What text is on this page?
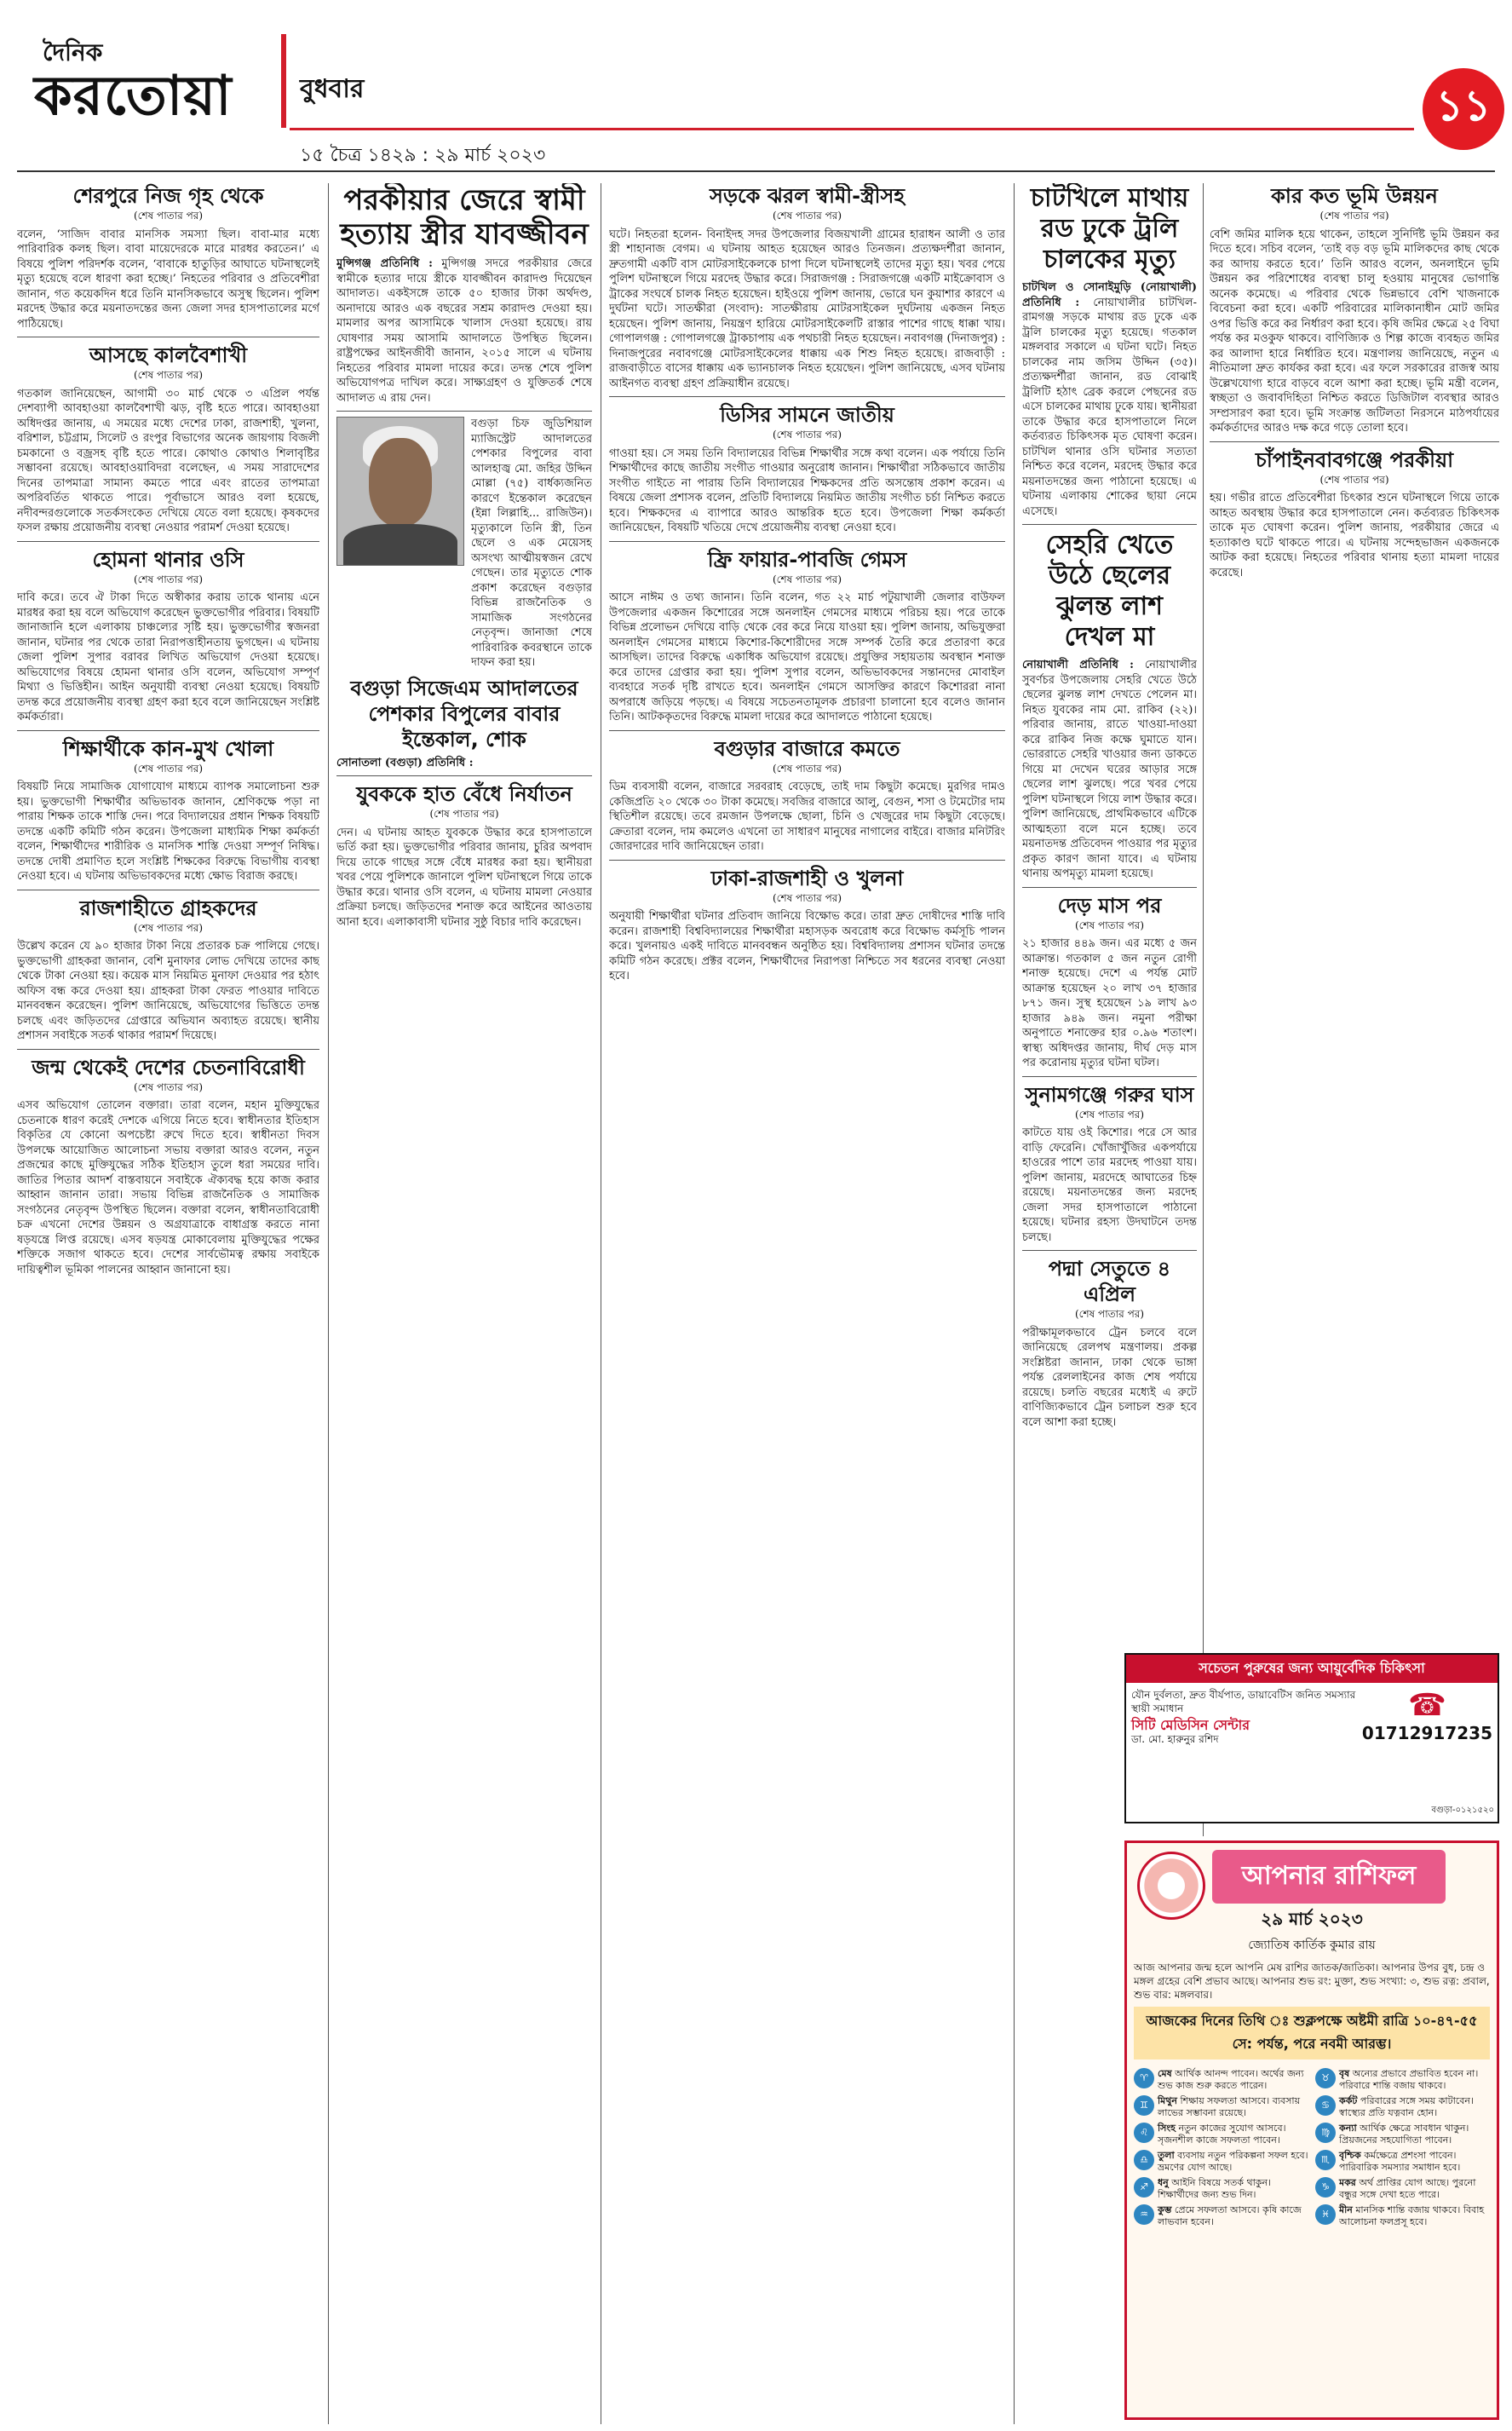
দৈনিক
করতোয়া	বুধবার
১৫ চৈত্র ১৪২৯ : ২৯ মার্চ ২০২৩
১১
শেরপুরে নিজ গৃহ থেকে
(শেষ পাতার পর)

বলেন, ‘সাজিদ বাবার মানসিক সমস্যা ছিল। বাবা-মার মধ্যে পারিবারিক কলহ ছিল। বাবা মায়েদেরকে মারে মারধর করতেন।’ এ বিষয়ে পুলিশ পরিদর্শক বলেন, ‘বাবাকে হাতুড়ির আঘাতে ঘটনাস্থলেই মৃত্যু হয়েছে বলে ধারণা করা হচ্ছে।’ নিহতের পরিবার ও প্রতিবেশীরা জানান, গত কয়েকদিন ধরে তিনি মানসিকভাবে অসুস্থ ছিলেন। পুলিশ মরদেহ উদ্ধার করে ময়নাতদন্তের জন্য জেলা সদর হাসপাতালের মর্গে পাঠিয়েছে।

আসছে কালবৈশাখী
(শেষ পাতার পর)

গতকাল জানিয়েছেন, আগামী ৩০ মার্চ থেকে ৩ এপ্রিল পর্যন্ত দেশব্যাপী আবহাওয়া কালবৈশাখী ঝড়, বৃষ্টি হতে পারে। আবহাওয়া অধিদপ্তর জানায়, এ সময়ের মধ্যে দেশের ঢাকা, রাজশাহী, খুলনা, বরিশাল, চট্টগ্রাম, সিলেট ও রংপুর বিভাগের অনেক জায়গায় বিজলী চমকানো ও বজ্রসহ বৃষ্টি হতে পারে। কোথাও কোথাও শিলাবৃষ্টির সম্ভাবনা রয়েছে। আবহাওয়াবিদরা বলেছেন, এ সময় সারাদেশের দিনের তাপমাত্রা সামান্য কমতে পারে এবং রাতের তাপমাত্রা অপরিবর্তিত থাকতে পারে। পূর্বাভাসে আরও বলা হয়েছে, নদীবন্দরগুলোকে সতর্কসংকেত দেখিয়ে যেতে বলা হয়েছে। কৃষকদের ফসল রক্ষায় প্রয়োজনীয় ব্যবস্থা নেওয়ার পরামর্শ দেওয়া হয়েছে।

হোমনা থানার ওসি
(শেষ পাতার পর)

দাবি করে। তবে ঐ টাকা দিতে অস্বীকার করায় তাকে থানায় এনে মারধর করা হয় বলে অভিযোগ করেছেন ভুক্তভোগীর পরিবার। বিষয়টি জানাজানি হলে এলাকায় চাঞ্চল্যের সৃষ্টি হয়। ভুক্তভোগীর স্বজনরা জানান, ঘটনার পর থেকে তারা নিরাপত্তাহীনতায় ভুগছেন। এ ঘটনায় জেলা পুলিশ সুপার বরাবর লিখিত অভিযোগ দেওয়া হয়েছে। অভিযোগের বিষয়ে হোমনা থানার ওসি বলেন, অভিযোগ সম্পূর্ণ মিথ্যা ও ভিত্তিহীন। আইন অনুযায়ী ব্যবস্থা নেওয়া হয়েছে। বিষয়টি তদন্ত করে প্রয়োজনীয় ব্যবস্থা গ্রহণ করা হবে বলে জানিয়েছেন সংশ্লিষ্ট কর্মকর্তারা।

শিক্ষার্থীকে কান-মুখ খোলা
(শেষ পাতার পর)

বিষয়টি নিয়ে সামাজিক যোগাযোগ মাধ্যমে ব্যাপক সমালোচনা শুরু হয়। ভুক্তভোগী শিক্ষার্থীর অভিভাবক জানান, শ্রেণিকক্ষে পড়া না পারায় শিক্ষক তাকে শাস্তি দেন। পরে বিদ্যালয়ের প্রধান শিক্ষক বিষয়টি তদন্তে একটি কমিটি গঠন করেন। উপজেলা মাধ্যমিক শিক্ষা কর্মকর্তা বলেন, শিক্ষার্থীদের শারীরিক ও মানসিক শাস্তি দেওয়া সম্পূর্ণ নিষিদ্ধ। তদন্তে দোষী প্রমাণিত হলে সংশ্লিষ্ট শিক্ষকের বিরুদ্ধে বিভাগীয় ব্যবস্থা নেওয়া হবে। এ ঘটনায় অভিভাবকদের মধ্যে ক্ষোভ বিরাজ করছে।

রাজশাহীতে গ্রাহকদের
(শেষ পাতার পর)

উল্লেখ করেন যে ৯০ হাজার টাকা নিয়ে প্রতারক চক্র পালিয়ে গেছে। ভুক্তভোগী গ্রাহকরা জানান, বেশি মুনাফার লোভ দেখিয়ে তাদের কাছ থেকে টাকা নেওয়া হয়। কয়েক মাস নিয়মিত মুনাফা দেওয়ার পর হঠাৎ অফিস বন্ধ করে দেওয়া হয়। গ্রাহকরা টাকা ফেরত পাওয়ার দাবিতে মানববন্ধন করেছেন। পুলিশ জানিয়েছে, অভিযোগের ভিত্তিতে তদন্ত চলছে এবং জড়িতদের গ্রেপ্তারে অভিযান অব্যাহত রয়েছে। স্থানীয় প্রশাসন সবাইকে সতর্ক থাকার পরামর্শ দিয়েছে।

জন্ম থেকেই দেশের চেতনাবিরোধী
(শেষ পাতার পর)

এসব অভিযোগ তোলেন বক্তারা। তারা বলেন, মহান মুক্তিযুদ্ধের চেতনাকে ধারণ করেই দেশকে এগিয়ে নিতে হবে। স্বাধীনতার ইতিহাস বিকৃতির যে কোনো অপচেষ্টা রুখে দিতে হবে। স্বাধীনতা দিবস উপলক্ষে আয়োজিত আলোচনা সভায় বক্তারা আরও বলেন, নতুন প্রজন্মের কাছে মুক্তিযুদ্ধের সঠিক ইতিহাস তুলে ধরা সময়ের দাবি। জাতির পিতার আদর্শ বাস্তবায়নে সবাইকে ঐক্যবদ্ধ হয়ে কাজ করার আহ্বান জানান তারা। সভায় বিভিন্ন রাজনৈতিক ও সামাজিক সংগঠনের নেতৃবৃন্দ উপস্থিত ছিলেন। বক্তারা বলেন, স্বাধীনতাবিরোধী চক্র এখনো দেশের উন্নয়ন ও অগ্রযাত্রাকে বাধাগ্রস্ত করতে নানা ষড়যন্ত্রে লিপ্ত রয়েছে। এসব ষড়যন্ত্র মোকাবেলায় মুক্তিযুদ্ধের পক্ষের শক্তিকে সজাগ থাকতে হবে। দেশের সার্বভৌমত্ব রক্ষায় সবাইকে দায়িত্বশীল ভূমিকা পালনের আহ্বান জানানো হয়।

পরকীয়ার জেরে স্বামী হত্যায় স্ত্রীর যাবজ্জীবন

মুন্সিগঞ্জ প্রতিনিধি : মুন্সিগঞ্জ সদরে পরকীয়ার জেরে স্বামীকে হত্যার দায়ে স্ত্রীকে যাবজ্জীবন কারাদণ্ড দিয়েছেন আদালত। একইসঙ্গে তাকে ৫০ হাজার টাকা অর্থদণ্ড, অনাদায়ে আরও এক বছরের সশ্রম কারাদণ্ড দেওয়া হয়। মামলার অপর আসামিকে খালাস দেওয়া হয়েছে। রায় ঘোষণার সময় আসামি আদালতে উপস্থিত ছিলেন। রাষ্ট্রপক্ষের আইনজীবী জানান, ২০১৫ সালে এ ঘটনায় নিহতের পরিবার মামলা দায়ের করে। তদন্ত শেষে পুলিশ অভিযোগপত্র দাখিল করে। সাক্ষ্যগ্রহণ ও যুক্তিতর্ক শেষে আদালত এ রায় দেন।

বগুড়া চিফ জুডিশিয়াল ম্যাজিস্ট্রেট আদালতের পেশকার বিপুলের বাবা আলহাজ্ব মো. জহির উদ্দিন মোল্লা (৭৫) বার্ধক্যজনিত কারণে ইন্তেকাল করেছেন (ইন্না লিল্লাহি... রাজিউন)। মৃত্যুকালে তিনি স্ত্রী, তিন ছেলে ও এক মেয়েসহ অসংখ্য আত্মীয়স্বজন রেখে গেছেন। তার মৃত্যুতে শোক প্রকাশ করেছেন বগুড়ার বিভিন্ন রাজনৈতিক ও সামাজিক সংগঠনের নেতৃবৃন্দ। জানাজা শেষে পারিবারিক কবরস্থানে তাকে দাফন করা হয়।
বগুড়া সিজেএম আদালতের পেশকার বিপুলের বাবার ইন্তেকাল, শোক

সোনাতলা (বগুড়া) প্রতিনিধি :

যুবককে হাত বেঁধে নির্যাতন
(শেষ পাতার পর)

দেন। এ ঘটনায় আহত যুবককে উদ্ধার করে হাসপাতালে ভর্তি করা হয়। ভুক্তভোগীর পরিবার জানায়, চুরির অপবাদ দিয়ে তাকে গাছের সঙ্গে বেঁধে মারধর করা হয়। স্থানীয়রা খবর পেয়ে পুলিশকে জানালে পুলিশ ঘটনাস্থলে গিয়ে তাকে উদ্ধার করে। থানার ওসি বলেন, এ ঘটনায় মামলা নেওয়ার প্রক্রিয়া চলছে। জড়িতদের শনাক্ত করে আইনের আওতায় আনা হবে। এলাকাবাসী ঘটনার সুষ্ঠু বিচার দাবি করেছেন।

সড়কে ঝরল স্বামী-স্ত্রীসহ
(শেষ পাতার পর)

ঘটে। নিহতরা হলেন- বিনাইদহ সদর উপজেলার বিজয়খালী গ্রামের হারাধন আলী ও তার স্ত্রী শাহানাজ বেগম। এ ঘটনায় আহত হয়েছেন আরও তিনজন। প্রত্যক্ষদর্শীরা জানান, দ্রুতগামী একটি বাস মোটরসাইকেলকে চাপা দিলে ঘটনাস্থলেই তাদের মৃত্যু হয়। খবর পেয়ে পুলিশ ঘটনাস্থলে গিয়ে মরদেহ উদ্ধার করে। সিরাজগঞ্জ : সিরাজগঞ্জে একটি মাইক্রোবাস ও ট্রাকের সংঘর্ষে চালক নিহত হয়েছেন। হাইওয়ে পুলিশ জানায়, ভোরে ঘন কুয়াশার কারণে এ দুর্ঘটনা ঘটে। সাতক্ষীরা (সংবাদ): সাতক্ষীরায় মোটরসাইকেল দুর্ঘটনায় একজন নিহত হয়েছেন। পুলিশ জানায়, নিয়ন্ত্রণ হারিয়ে মোটরসাইকেলটি রাস্তার পাশের গাছে ধাক্কা খায়। গোপালগঞ্জ : গোপালগঞ্জে ট্রাকচাপায় এক পথচারী নিহত হয়েছেন। নবাবগঞ্জ (দিনাজপুর) : দিনাজপুরের নবাবগঞ্জে মোটরসাইকেলের ধাক্কায় এক শিশু নিহত হয়েছে। রাজবাড়ী : রাজবাড়ীতে বাসের ধাক্কায় এক ভ্যানচালক নিহত হয়েছেন। পুলিশ জানিয়েছে, এসব ঘটনায় আইনগত ব্যবস্থা গ্রহণ প্রক্রিয়াধীন রয়েছে।

ডিসির সামনে জাতীয়
(শেষ পাতার পর)

গাওয়া হয়। সে সময় তিনি বিদ্যালয়ের বিভিন্ন শিক্ষার্থীর সঙ্গে কথা বলেন। এক পর্যায়ে তিনি শিক্ষার্থীদের কাছে জাতীয় সংগীত গাওয়ার অনুরোধ জানান। শিক্ষার্থীরা সঠিকভাবে জাতীয় সংগীত গাইতে না পারায় তিনি বিদ্যালয়ের শিক্ষকদের প্রতি অসন্তোষ প্রকাশ করেন। এ বিষয়ে জেলা প্রশাসক বলেন, প্রতিটি বিদ্যালয়ে নিয়মিত জাতীয় সংগীত চর্চা নিশ্চিত করতে হবে। শিক্ষকদের এ ব্যাপারে আরও আন্তরিক হতে হবে। উপজেলা শিক্ষা কর্মকর্তা জানিয়েছেন, বিষয়টি খতিয়ে দেখে প্রয়োজনীয় ব্যবস্থা নেওয়া হবে।

ফ্রি ফায়ার-পাবজি গেমস
(শেষ পাতার পর)

আসে নাঈম ও তথ্য জানান। তিনি বলেন, গত ২২ মার্চ পটুয়াখালী জেলার বাউফল উপজেলার একজন কিশোরের সঙ্গে অনলাইন গেমসের মাধ্যমে পরিচয় হয়। পরে তাকে বিভিন্ন প্রলোভন দেখিয়ে বাড়ি থেকে বের করে নিয়ে যাওয়া হয়। পুলিশ জানায়, অভিযুক্তরা অনলাইন গেমসের মাধ্যমে কিশোর-কিশোরীদের সঙ্গে সম্পর্ক তৈরি করে প্রতারণা করে আসছিল। তাদের বিরুদ্ধে একাধিক অভিযোগ রয়েছে। প্রযুক্তির সহায়তায় অবস্থান শনাক্ত করে তাদের গ্রেপ্তার করা হয়। পুলিশ সুপার বলেন, অভিভাবকদের সন্তানদের মোবাইল ব্যবহারে সতর্ক দৃষ্টি রাখতে হবে। অনলাইন গেমসে আসক্তির কারণে কিশোররা নানা অপরাধে জড়িয়ে পড়ছে। এ বিষয়ে সচেতনতামূলক প্রচারণা চালানো হবে বলেও জানান তিনি। আটককৃতদের বিরুদ্ধে মামলা দায়ের করে আদালতে পাঠানো হয়েছে।

বগুড়ার বাজারে কমতে
(শেষ পাতার পর)

ডিম ব্যবসায়ী বলেন, বাজারে সরবরাহ বেড়েছে, তাই দাম কিছুটা কমেছে। মুরগির দামও কেজিপ্রতি ২০ থেকে ৩০ টাকা কমেছে। সবজির বাজারে আলু, বেগুন, শসা ও টমেটোর দাম স্থিতিশীল রয়েছে। তবে রমজান উপলক্ষে ছোলা, চিনি ও খেজুরের দাম কিছুটা বেড়েছে। ক্রেতারা বলেন, দাম কমলেও এখনো তা সাধারণ মানুষের নাগালের বাইরে। বাজার মনিটরিং জোরদারের দাবি জানিয়েছেন তারা।

ঢাকা-রাজশাহী ও খুলনা
(শেষ পাতার পর)

অনুযায়ী শিক্ষার্থীরা ঘটনার প্রতিবাদ জানিয়ে বিক্ষোভ করে। তারা দ্রুত দোষীদের শাস্তি দাবি করেন। রাজশাহী বিশ্ববিদ্যালয়ের শিক্ষার্থীরা মহাসড়ক অবরোধ করে বিক্ষোভ কর্মসূচি পালন করে। খুলনায়ও একই দাবিতে মানববন্ধন অনুষ্ঠিত হয়। বিশ্ববিদ্যালয় প্রশাসন ঘটনার তদন্তে কমিটি গঠন করেছে। প্রক্টর বলেন, শিক্ষার্থীদের নিরাপত্তা নিশ্চিতে সব ধরনের ব্যবস্থা নেওয়া হবে।

চাটখিলে মাথায় রড ঢুকে ট্রলি চালকের মৃত্যু

চাটখিল ও সোনাইমুড়ি (নোয়াখালী) প্রতিনিধি : নোয়াখালীর চাটখিল-রামগঞ্জ সড়কে মাথায় রড ঢুকে এক ট্রলি চালকের মৃত্যু হয়েছে। গতকাল মঙ্গলবার সকালে এ ঘটনা ঘটে। নিহত চালকের নাম জসিম উদ্দিন (৩৫)। প্রত্যক্ষদর্শীরা জানান, রড বোঝাই ট্রলিটি হঠাৎ ব্রেক করলে পেছনের রড এসে চালকের মাথায় ঢুকে যায়। স্থানীয়রা তাকে উদ্ধার করে হাসপাতালে নিলে কর্তব্যরত চিকিৎসক মৃত ঘোষণা করেন। চাটখিল থানার ওসি ঘটনার সত্যতা নিশ্চিত করে বলেন, মরদেহ উদ্ধার করে ময়নাতদন্তের জন্য পাঠানো হয়েছে। এ ঘটনায় এলাকায় শোকের ছায়া নেমে এসেছে।

সেহরি খেতে উঠে ছেলের ঝুলন্ত লাশ দেখল মা

নোয়াখালী প্রতিনিধি : নোয়াখালীর সুবর্ণচর উপজেলায় সেহরি খেতে উঠে ছেলের ঝুলন্ত লাশ দেখতে পেলেন মা। নিহত যুবকের নাম মো. রাকিব (২২)। পরিবার জানায়, রাতে খাওয়া-দাওয়া করে রাকিব নিজ কক্ষে ঘুমাতে যান। ভোররাতে সেহরি খাওয়ার জন্য ডাকতে গিয়ে মা দেখেন ঘরের আড়ার সঙ্গে ছেলের লাশ ঝুলছে। পরে খবর পেয়ে পুলিশ ঘটনাস্থলে গিয়ে লাশ উদ্ধার করে। পুলিশ জানিয়েছে, প্রাথমিকভাবে এটিকে আত্মহত্যা বলে মনে হচ্ছে। তবে ময়নাতদন্ত প্রতিবেদন পাওয়ার পর মৃত্যুর প্রকৃত কারণ জানা যাবে। এ ঘটনায় থানায় অপমৃত্যু মামলা হয়েছে।

দেড় মাস পর
(শেষ পাতার পর)

২১ হাজার ৪৪৯ জন। এর মধ্যে ৫ জন আক্রান্ত। গতকাল ৫ জন নতুন রোগী শনাক্ত হয়েছে। দেশে এ পর্যন্ত মোট আক্রান্ত হয়েছেন ২০ লাখ ৩৭ হাজার ৮৭১ জন। সুস্থ হয়েছেন ১৯ লাখ ৯৩ হাজার ৯৪৯ জন। নমুনা পরীক্ষা অনুপাতে শনাক্তের হার ০.৯৬ শতাংশ। স্বাস্থ্য অধিদপ্তর জানায়, দীর্ঘ দেড় মাস পর করোনায় মৃত্যুর ঘটনা ঘটল।

সুনামগঞ্জে গরুর ঘাস
(শেষ পাতার পর)

কাটতে যায় ওই কিশোর। পরে সে আর বাড়ি ফেরেনি। খোঁজাখুঁজির একপর্যায়ে হাওরের পাশে তার মরদেহ পাওয়া যায়। পুলিশ জানায়, মরদেহে আঘাতের চিহ্ন রয়েছে। ময়নাতদন্তের জন্য মরদেহ জেলা সদর হাসপাতালে পাঠানো হয়েছে। ঘটনার রহস্য উদঘাটনে তদন্ত চলছে।

পদ্মা সেতুতে ৪ এপ্রিল
(শেষ পাতার পর)

পরীক্ষামূলকভাবে ট্রেন চলবে বলে জানিয়েছে রেলপথ মন্ত্রণালয়। প্রকল্প সংশ্লিষ্টরা জানান, ঢাকা থেকে ভাঙ্গা পর্যন্ত রেললাইনের কাজ শেষ পর্যায়ে রয়েছে। চলতি বছরের মধ্যেই এ রুটে বাণিজ্যিকভাবে ট্রেন চলাচল শুরু হবে বলে আশা করা হচ্ছে।

কার কত ভূমি উন্নয়ন
(শেষ পাতার পর)

বেশি জমির মালিক হয়ে থাকেন, তাহলে সুনির্দিষ্ট ভূমি উন্নয়ন কর দিতে হবে। সচিব বলেন, ‘তাই বড় বড় ভূমি মালিকদের কাছ থেকে কর আদায় করতে হবে।’ তিনি আরও বলেন, অনলাইনে ভূমি উন্নয়ন কর পরিশোধের ব্যবস্থা চালু হওয়ায় মানুষের ভোগান্তি অনেক কমেছে। এ পরিবার থেকে ভিন্নভাবে বেশি খাজনাকে বিবেচনা করা হবে। একটি পরিবারের মালিকানাধীন মোট জমির ওপর ভিত্তি করে কর নির্ধারণ করা হবে। কৃষি জমির ক্ষেত্রে ২৫ বিঘা পর্যন্ত কর মওকুফ থাকবে। বাণিজ্যিক ও শিল্প কাজে ব্যবহৃত জমির কর আলাদা হারে নির্ধারিত হবে। মন্ত্রণালয় জানিয়েছে, নতুন এ নীতিমালা দ্রুত কার্যকর করা হবে। এর ফলে সরকারের রাজস্ব আয় উল্লেখযোগ্য হারে বাড়বে বলে আশা করা হচ্ছে। ভূমি মন্ত্রী বলেন, স্বচ্ছতা ও জবাবদিহিতা নিশ্চিত করতে ডিজিটাল ব্যবস্থার আরও সম্প্রসারণ করা হবে। ভূমি সংক্রান্ত জটিলতা নিরসনে মাঠপর্যায়ের কর্মকর্তাদের আরও দক্ষ করে গড়ে তোলা হবে।

চাঁপাইনবাবগঞ্জে পরকীয়া
(শেষ পাতার পর)

হয়। গভীর রাতে প্রতিবেশীরা চিৎকার শুনে ঘটনাস্থলে গিয়ে তাকে আহত অবস্থায় উদ্ধার করে হাসপাতালে নেন। কর্তব্যরত চিকিৎসক তাকে মৃত ঘোষণা করেন। পুলিশ জানায়, পরকীয়ার জেরে এ হত্যাকাণ্ড ঘটে থাকতে পারে। এ ঘটনায় সন্দেহভাজন একজনকে আটক করা হয়েছে। নিহতের পরিবার থানায় হত্যা মামলা দায়ের করেছে।

সচেতন পুরুষের জন্য আয়ুর্বেদিক চিকিৎসা
যৌন দুর্বলতা, দ্রুত বীর্যপাত, ডায়াবেটিস জনিত সমস্যার স্থায়ী সমাধান
সিটি মেডিসিন সেন্টার
ডা. মো. হারুনুর রশিদ
☎
01712917235
বগুড়া-০১২১৫২০
আপনার রাশিফল
২৯ মার্চ ২০২৩
জ্যোতিষ কার্তিক কুমার রায়
আজ আপনার জন্ম হলে আপনি মেষ রাশির জাতক/জাতিকা। আপনার উপর বুধ, চন্দ্র ও মঙ্গল গ্রহের বেশি প্রভাব আছে। আপনার শুভ রং: মুক্তা, শুভ সংখ্যা: ৩, শুভ রত্ন: প্রবাল, শুভ বার: মঙ্গলবার।
আজকের দিনের তিথি ঃ শুক্লপক্ষে অষ্টমী রাত্রি ১০-৪৭-৫৫ সে: পর্যন্ত, পরে নবমী আরম্ভ।
♈	মেষ আর্থিক আনন্দ পাবেন। অর্থের জন্য শুভ কাজ শুরু করতে পারেন।
♉	বৃষ অন্যের প্রভাবে প্রভাবিত হবেন না। পরিবারে শান্তি বজায় থাকবে।
♊	মিথুন শিক্ষায় সফলতা আসবে। ব্যবসায় লাভের সম্ভাবনা রয়েছে।
♋	কর্কট পরিবারের সঙ্গে সময় কাটাবেন। স্বাস্থ্যের প্রতি যত্নবান হোন।
♌	সিংহ নতুন কাজের সুযোগ আসবে। সৃজনশীল কাজে সফলতা পাবেন।
♍	কন্যা আর্থিক ক্ষেত্রে সাবধান থাকুন। প্রিয়জনের সহযোগিতা পাবেন।
♎	তুলা ব্যবসায় নতুন পরিকল্পনা সফল হবে। ভ্রমণের যোগ আছে।
♏	বৃশ্চিক কর্মক্ষেত্রে প্রশংসা পাবেন। পারিবারিক সমস্যার সমাধান হবে।
♐	ধনু আইনি বিষয়ে সতর্ক থাকুন। শিক্ষার্থীদের জন্য শুভ দিন।
♑	মকর অর্থ প্রাপ্তির যোগ আছে। পুরনো বন্ধুর সঙ্গে দেখা হতে পারে।
♒	কুম্ভ প্রেমে সফলতা আসবে। কৃষি কাজে লাভবান হবেন।
♓	মীন মানসিক শান্তি বজায় থাকবে। বিবাহ আলোচনা ফলপ্রসূ হবে।
